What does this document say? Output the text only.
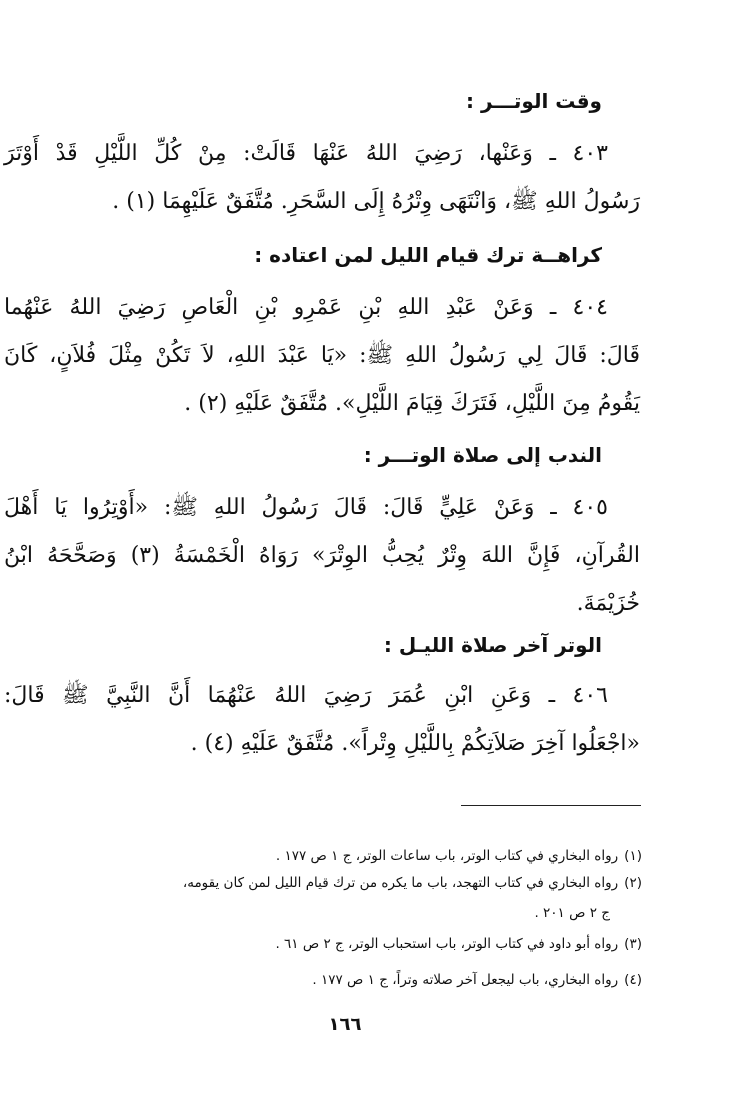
وقت الوتـــر :

٤٠٣ ـ وَعَنْها، رَضِيَ اللهُ عَنْهَا قَالَتْ: مِنْ كُلِّ اللَّيْلِ قَدْ أَوْتَرَ

رَسُولُ اللهِ ﷺ، وَانْتَهَى وِتْرُهُ إِلَى السَّحَرِ. مُتَّفَقٌ عَلَيْهِمَا (١) .

كراهــة ترك قيام الليل لمن اعتاده :

٤٠٤ ـ وَعَنْ عَبْدِ اللهِ بْنِ عَمْرِو بْنِ الْعَاصِ رَضِيَ اللهُ عَنْهُما

قَالَ: قَالَ لِي رَسُولُ اللهِ ﷺ: «يَا عَبْدَ اللهِ، لاَ تَكُنْ مِثْلَ فُلاَنٍ، كَانَ

يَقُومُ مِنَ اللَّيْلِ، فَتَرَكَ قِيَامَ اللَّيْلِ». مُتَّفَقٌ عَلَيْهِ (٢) .

الندب إلى صلاة الوتـــر :

٤٠٥ ـ وَعَنْ عَلِيٍّ قَالَ: قَالَ رَسُولُ اللهِ ﷺ: «أَوْتِرُوا يَا أَهْلَ

القُرآنِ، فَإِنَّ اللهَ وِتْرٌ يُحِبُّ الوِتْرَ» رَوَاهُ الْخَمْسَةُ (٣) وَصَحَّحَهُ ابْنُ

خُزَيْمَةَ.

الوتر آخر صلاة الليـل :

٤٠٦ ـ وَعَنِ ابْنِ عُمَرَ رَضِيَ اللهُ عَنْهُمَا أَنَّ النَّبِيَّ ﷺ قَالَ:

«اجْعَلُوا آخِرَ صَلاَتِكُمْ بِاللَّيْلِ وِتْراً». مُتَّفَقٌ عَلَيْهِ (٤) .

(١)رواه البخاري في كتاب الوتر، باب ساعات الوتر، ج ١ ص ١٧٧ .
(٢)رواه البخاري في كتاب التهجد، باب ما يكره من ترك قيام الليل لمن كان يقومه،
ج ٢ ص ٢٠١ .
(٣)رواه أبو داود في كتاب الوتر، باب استحباب الوتر، ج ٢ ص ٦١ .
(٤)رواه البخاري، باب ليجعل آخر صلاته وتراً، ج ١ ص ١٧٧ .
١٦٦
